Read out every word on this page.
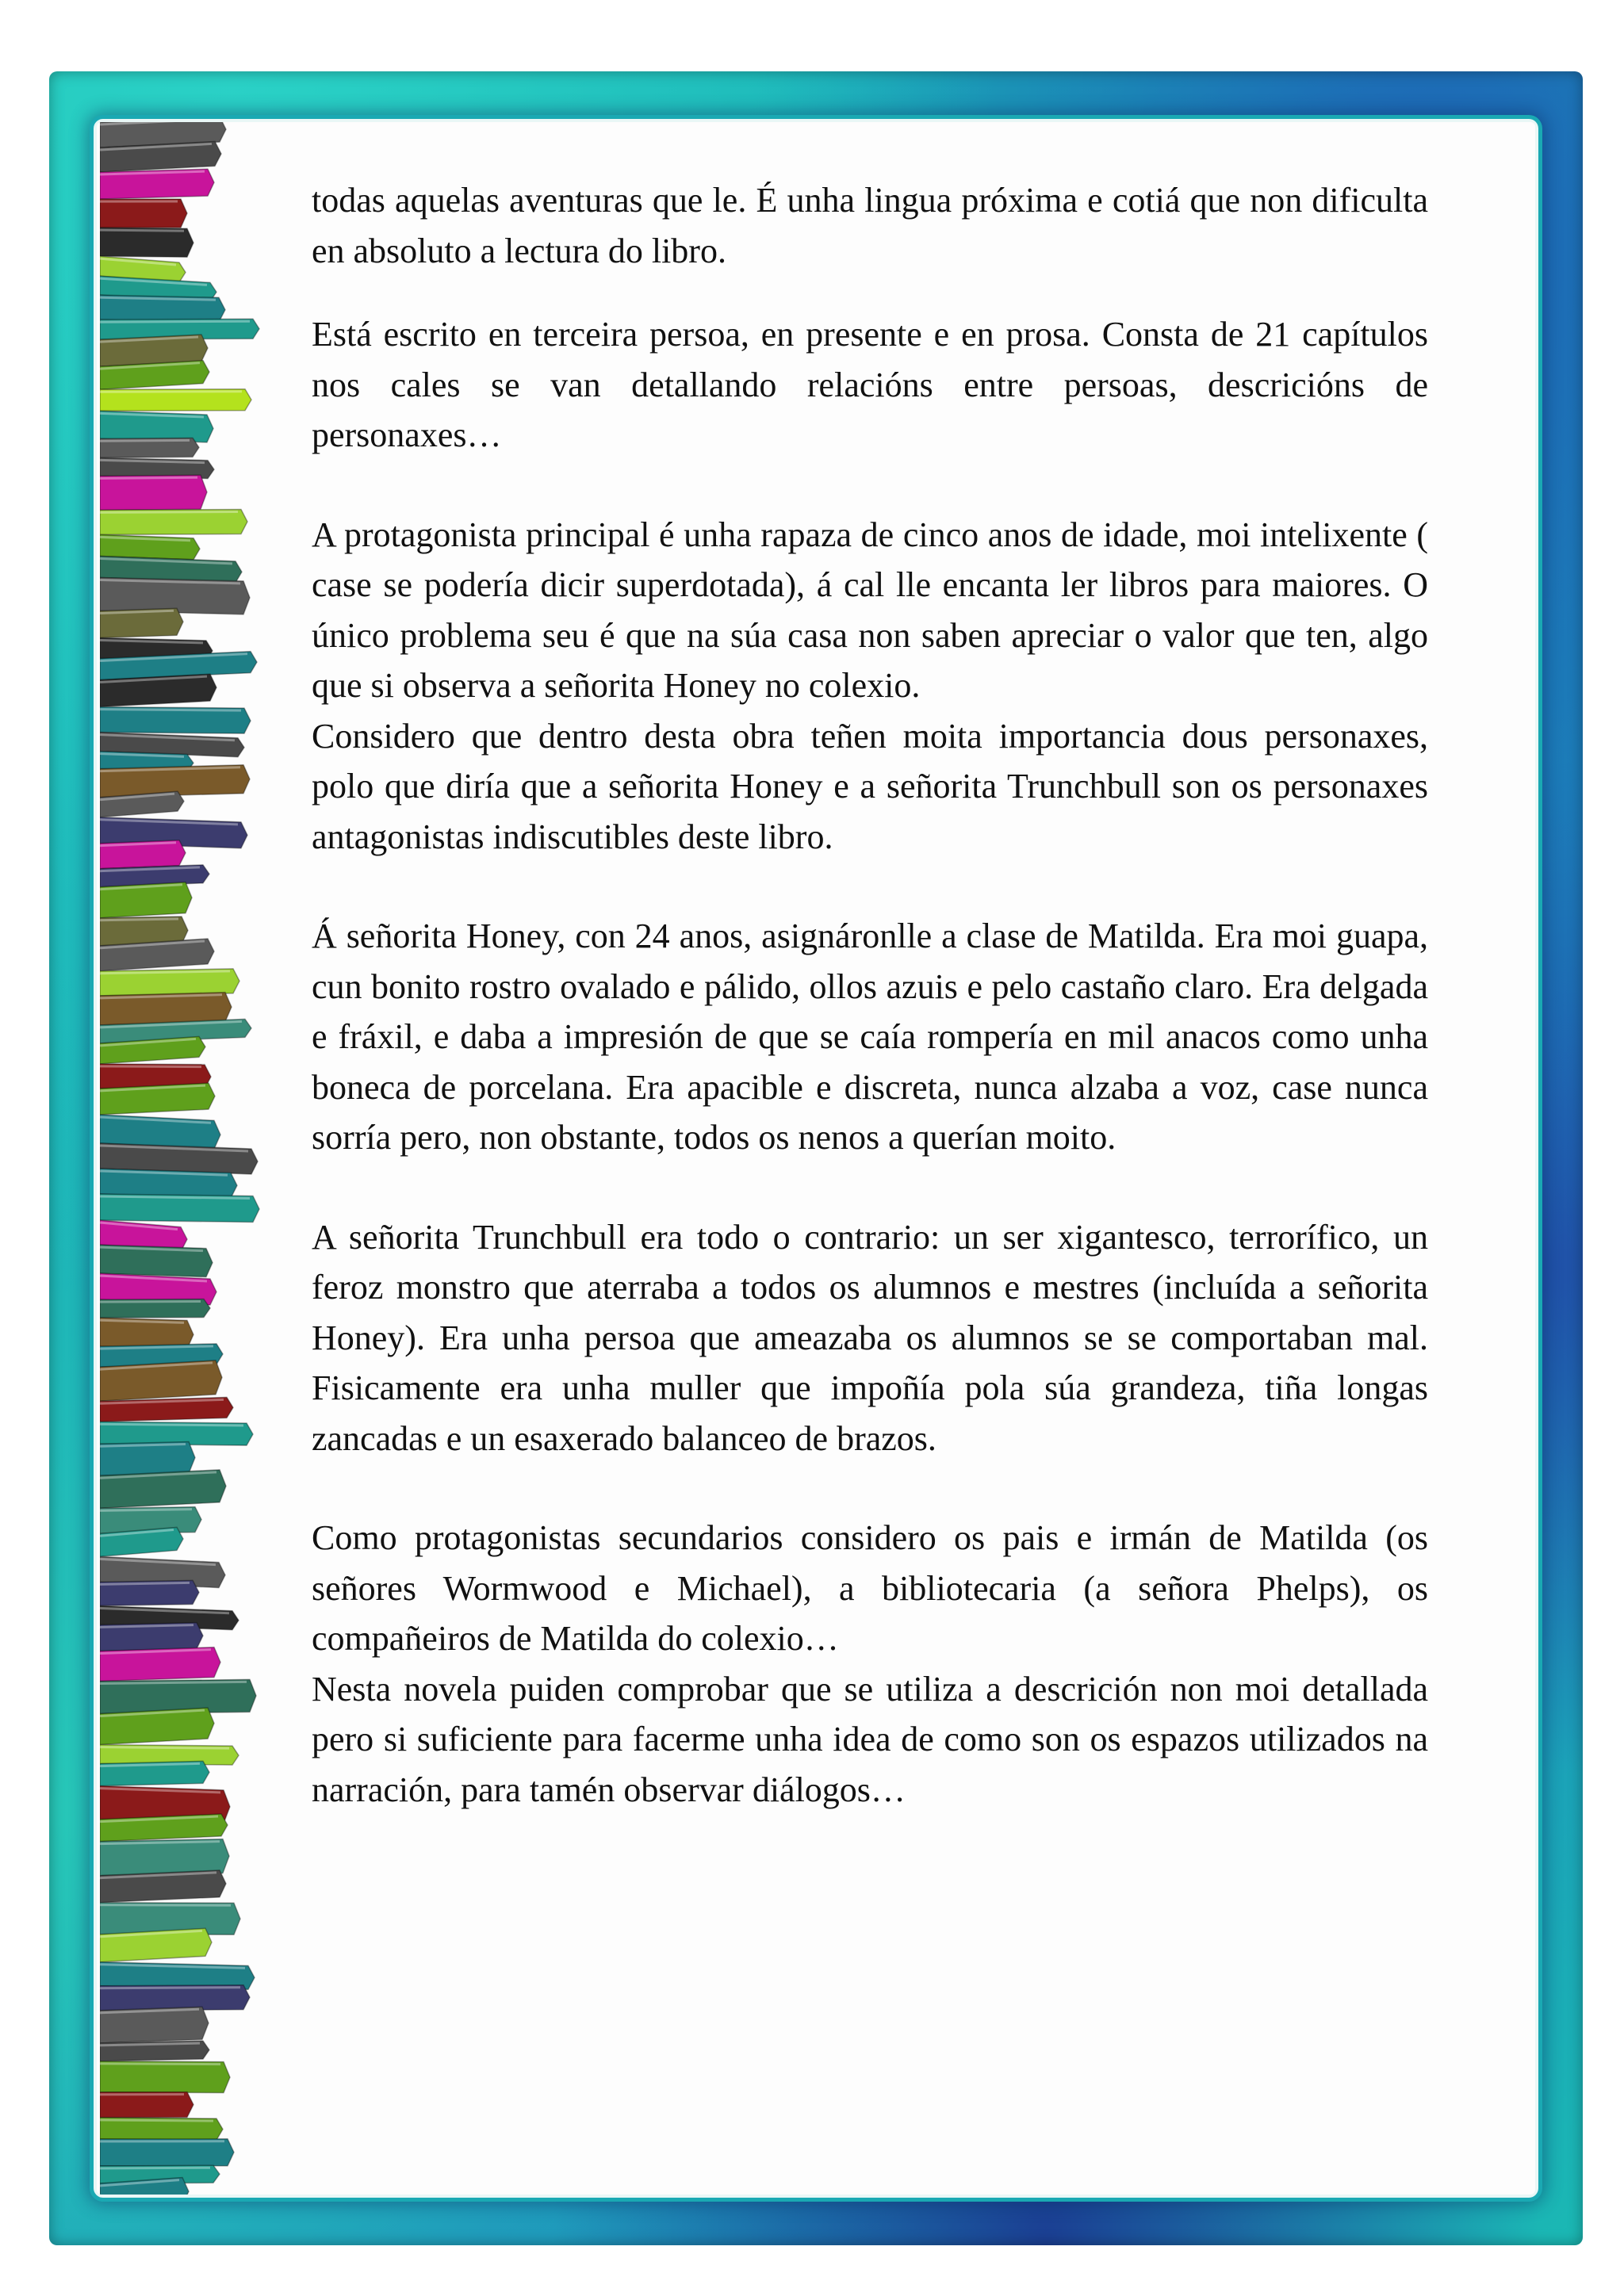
todas aquelas aventuras que le. É unha lingua próxima e cotiá que non dificulta en absoluto a lectura do libro.

Está escrito en terceira persoa, en presente e en prosa. Consta de 21 capítulos nos cales se van detallando relacións entre persoas, descricións de personaxes…

A protagonista principal é unha rapaza de cinco anos de idade, moi intelixente ( case se podería dicir superdotada), á cal lle encanta ler libros para maiores. O único problema seu é que na súa casa non saben apreciar o valor que ten, algo que si observa a señorita Honey no colexio.

Considero que dentro desta obra teñen moita importancia dous personaxes, polo que diría que a señorita Honey e a señorita Trunchbull son os personaxes antagonistas indiscutibles deste libro.

Á señorita Honey, con 24 anos, asignáronlle a clase de Matilda. Era moi guapa, cun bonito rostro ovalado e pálido, ollos azuis e pelo castaño claro. Era delgada e fráxil, e daba a impresión de que se caía rompería en mil anacos como unha boneca de porcelana. Era apacible e discreta, nunca alzaba a voz, case nunca sorría pero, non obstante, todos os nenos a querían moito.

A señorita Trunchbull era todo o contrario: un ser xigantesco, terrorífico, un feroz monstro que aterraba a todos os alumnos e mestres (incluída a señorita Honey). Era unha persoa que ameazaba os alumnos se se comportaban mal. Fisicamente era unha muller que impoñía pola súa grandeza, tiña longas zancadas e un esaxerado balanceo de brazos.

Como protagonistas secundarios considero os pais e irmán de Matilda (os señores Wormwood e Michael), a bibliotecaria (a señora Phelps), os compañeiros de Matilda do colexio…

Nesta novela puiden comprobar que se utiliza a descrición non moi detallada pero si suficiente para facerme unha idea de como son os espazos utilizados na narración, para tamén observar diálogos…
